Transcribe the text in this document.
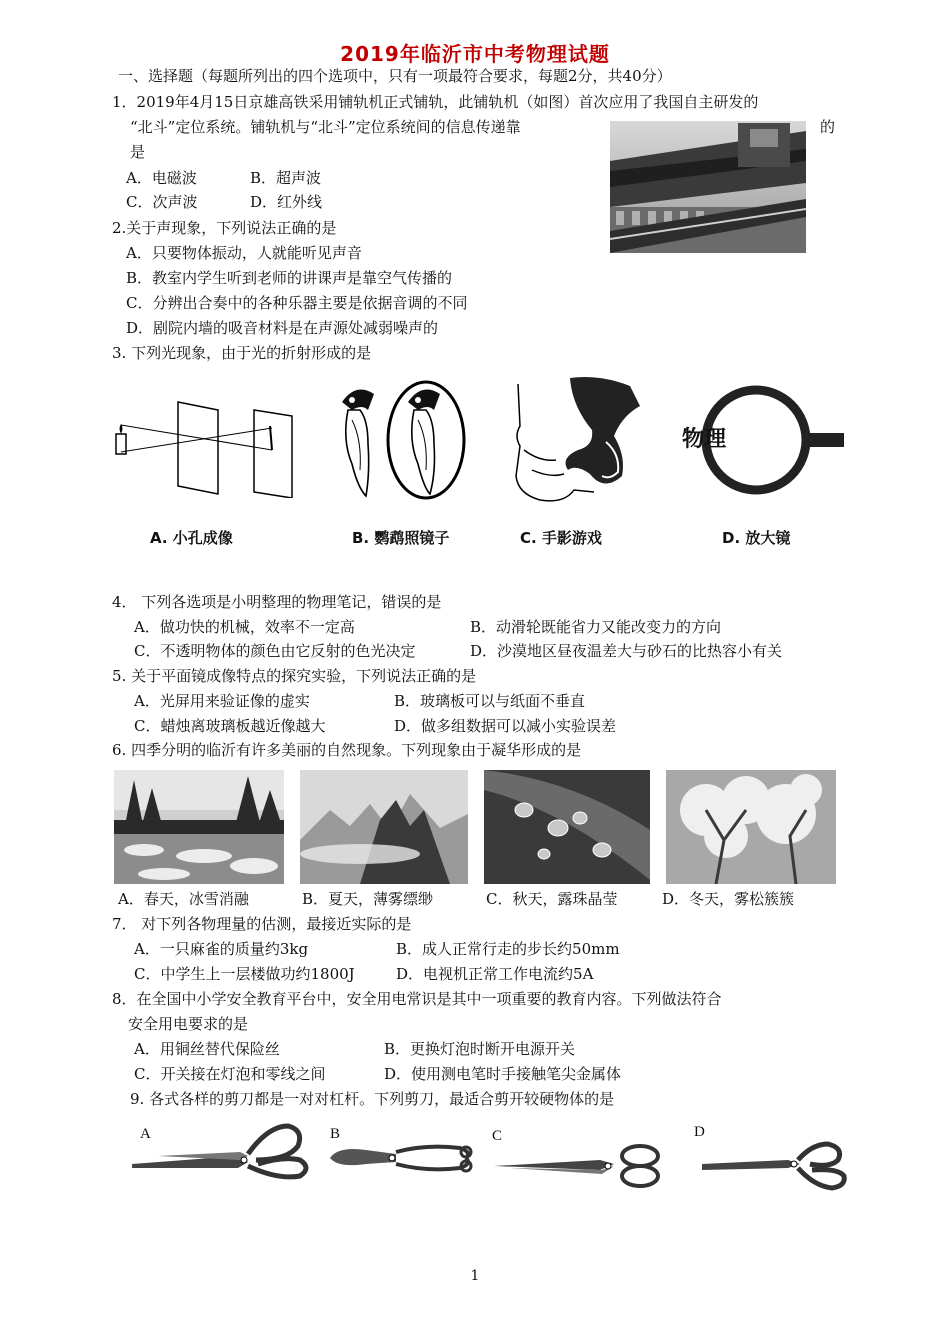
2019年临沂市中考物理试题
一、选择题（每题所列出的四个选项中，只有一项最符合要求，每题2分，共40分）
1．2019年4月15日京雄高铁采用铺轨机正式铺轨，此铺轨机（如图）首次应用了我国自主研发的
“北斗”定位系统。铺轨机与“北斗”定位系统间的信息传递靠	的
是
A．电磁波	B．超声波
C．次声波	D．红外线
2.关于声现象，下列说法正确的是
A．只要物体振动，人就能听见声音
B．教室内学生听到老师的讲课声是靠空气传播的
C．分辨出合奏中的各种乐器主要是依据音调的不同
D．剧院内墙的吸音材料是在声源处减弱噪声的
3. 下列光现象，由于光的折射形成的是
物理
A. 小孔成像	B. 鹦鹉照镜子	C. 手影游戏	D. 放大镜
4． 下列各选项是小明整理的物理笔记，错误的是
A．做功快的机械，效率不一定高	B．动滑轮既能省力又能改变力的方向
C．不透明物体的颜色由它反射的色光决定	D．沙漠地区昼夜温差大与砂石的比热容小有关
5. 关于平面镜成像特点的探究实验，下列说法正确的是
A．光屏用来验证像的虚实	B．玻璃板可以与纸面不垂直
C．蜡烛离玻璃板越近像越大	D．做多组数据可以减小实验误差
6. 四季分明的临沂有许多美丽的自然现象。下列现象由于凝华形成的是
A．春天，冰雪消融	B．夏天，薄雾缥缈	C．秋天，露珠晶莹	D．冬天，雾松簇簇
7． 对下列各物理量的估测，最接近实际的是
A．一只麻雀的质量约3kg	B．成人正常行走的步长约50mm
C．中学生上一层楼做功约1800J	D．电视机正常工作电流约5A
8．在全国中小学安全教育平台中，安全用电常识是其中一项重要的教育内容。下列做法符合
安全用电要求的是
A．用铜丝替代保险丝	B．更换灯泡时断开电源开关
C．开关接在灯泡和零线之间	D．使用测电笔时手接触笔尖金属体
9. 各式各样的剪刀都是一对对杠杆。下列剪刀，最适合剪开较硬物体的是
A	B	C	D
1
